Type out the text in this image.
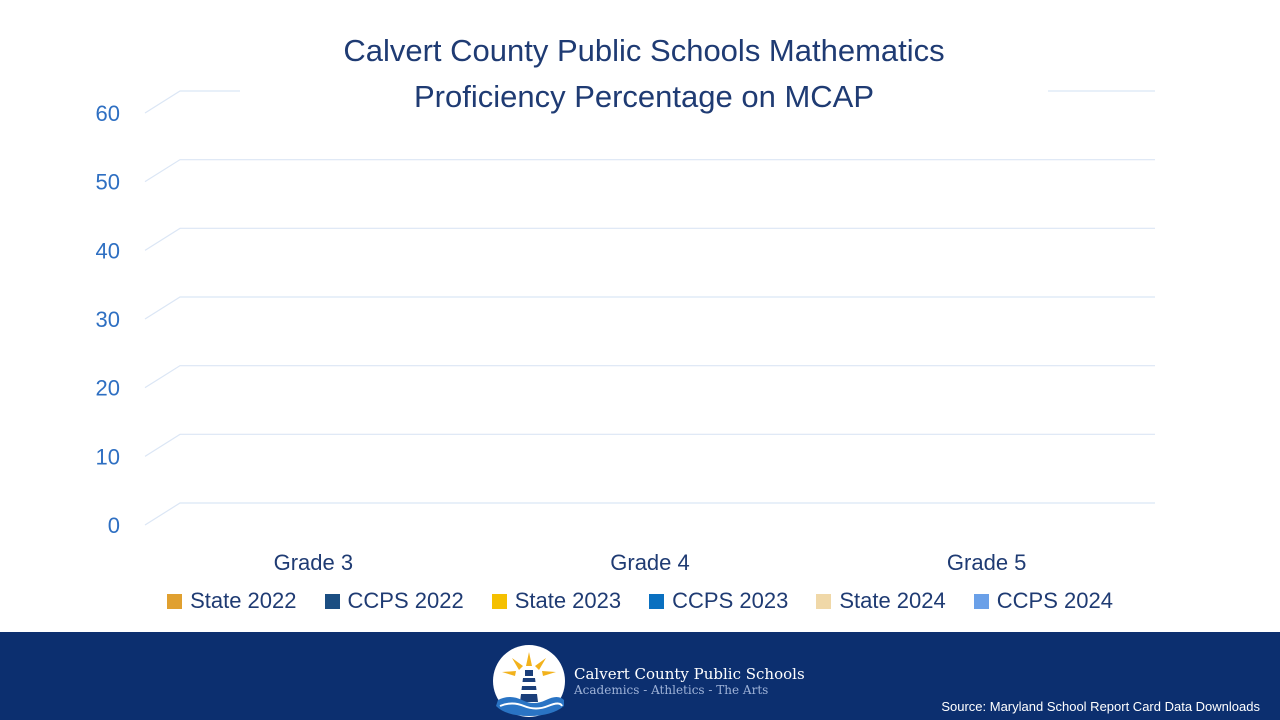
0
10
20
30
40
50
60
Grade 3	Grade 4	Grade 5
Calvert County Public Schools Mathematics
Proficiency Percentage on MCAP
State 2022 CCPS 2022 State 2023 CCPS 2023 State 2024 CCPS 2024
Calvert County Public Schools
Academics - Athletics - The Arts
Source: Maryland School Report Card Data Downloads
